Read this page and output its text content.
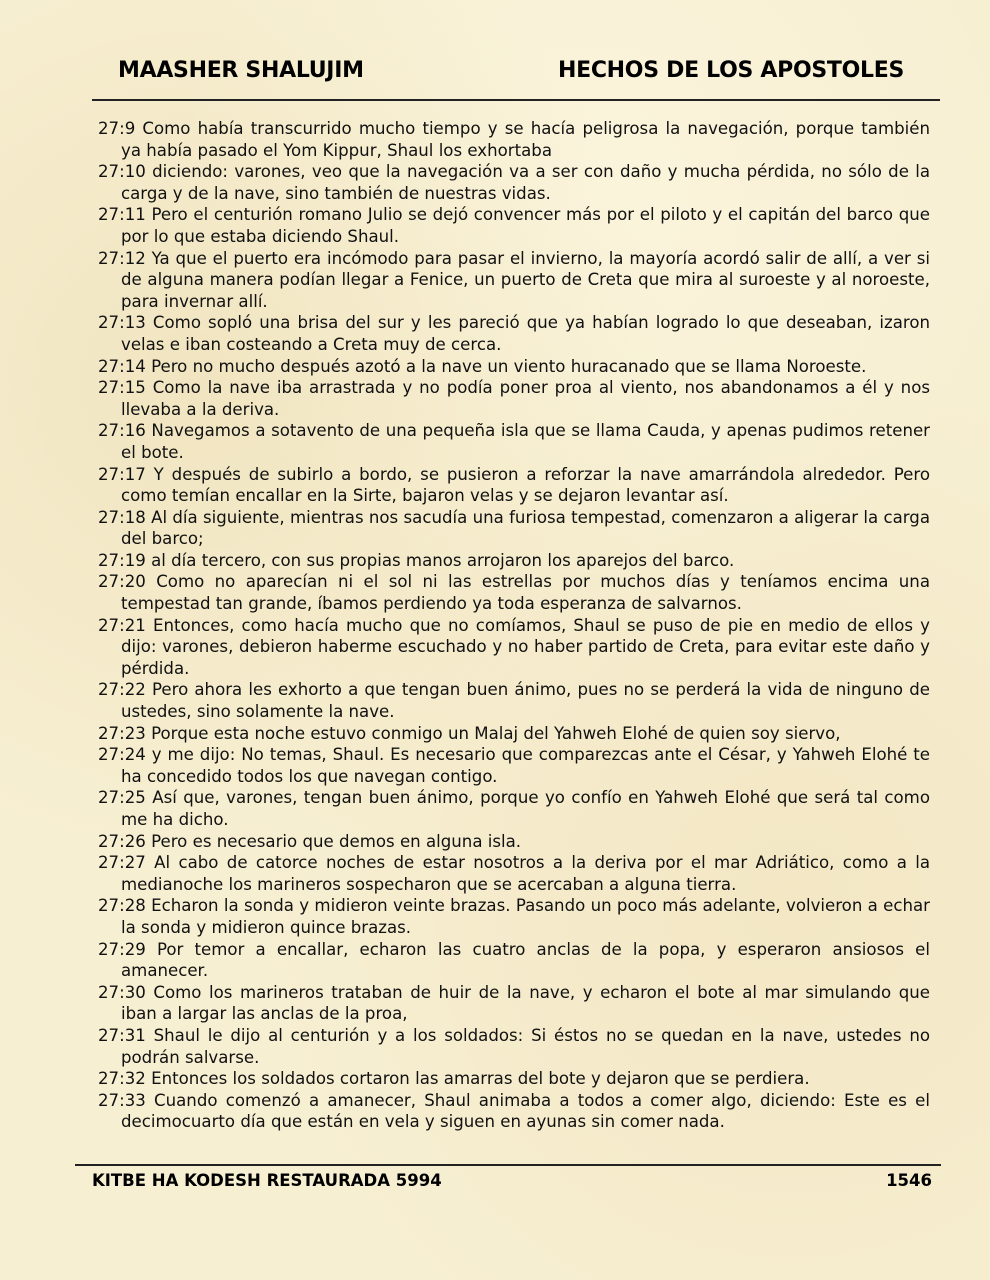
MAASHER SHALUJIM	HECHOS DE LOS APOSTOLES

27:9 Como había transcurrido mucho tiempo y se hacía peligrosa la navegación, porque también ya había pasado el Yom Kippur, Shaul los exhortaba

27:10 diciendo: varones, veo que la navegación va a ser con daño y mucha pérdida, no sólo de la carga y de la nave, sino también de nuestras vidas.

27:11 Pero el centurión romano Julio se dejó convencer más por el piloto y el capitán del barco que por lo que estaba diciendo Shaul.

27:12 Ya que el puerto era incómodo para pasar el invierno, la mayoría acordó salir de allí, a ver si de alguna manera podían llegar a Fenice, un puerto de Creta que mira al suroeste y al noroeste, para invernar allí.

27:13 Como sopló una brisa del sur y les pareció que ya habían logrado lo que deseaban, izaron velas e iban costeando a Creta muy de cerca.

27:14 Pero no mucho después azotó a la nave un viento huracanado que se llama Noroeste.

27:15 Como la nave iba arrastrada y no podía poner proa al viento, nos abandonamos a él y nos llevaba a la deriva.

27:16 Navegamos a sotavento de una pequeña isla que se llama Cauda, y apenas pudimos retener el bote.

27:17 Y después de subirlo a bordo, se pusieron a reforzar la nave amarrándola alrededor. Pero como temían encallar en la Sirte, bajaron velas y se dejaron levantar así.

27:18 Al día siguiente, mientras nos sacudía una furiosa tempestad, comenzaron a aligerar la carga del barco;

27:19 al día tercero, con sus propias manos arrojaron los aparejos del barco.

27:20 Como no aparecían ni el sol ni las estrellas por muchos días y teníamos encima una tempestad tan grande, íbamos perdiendo ya toda esperanza de salvarnos.

27:21 Entonces, como hacía mucho que no comíamos, Shaul se puso de pie en medio de ellos y dijo: varones, debieron haberme escuchado y no haber partido de Creta, para evitar este daño y pérdida.

27:22 Pero ahora les exhorto a que tengan buen ánimo, pues no se perderá la vida de ninguno de ustedes, sino solamente la nave.

27:23 Porque esta noche estuvo conmigo un Malaj del Yahweh Elohé de quien soy siervo,

27:24 y me dijo: No temas, Shaul. Es necesario que comparezcas ante el César, y Yahweh Elohé te ha concedido todos los que navegan contigo.

27:25 Así que, varones, tengan buen ánimo, porque yo confío en Yahweh Elohé que será tal como me ha dicho.

27:26 Pero es necesario que demos en alguna isla.

27:27 Al cabo de catorce noches de estar nosotros a la deriva por el mar Adriático, como a la medianoche los marineros sospecharon que se acercaban a alguna tierra.

27:28 Echaron la sonda y midieron veinte brazas. Pasando un poco más adelante, volvieron a echar la sonda y midieron quince brazas.

27:29 Por temor a encallar, echaron las cuatro anclas de la popa, y esperaron ansiosos el amanecer.

27:30 Como los marineros trataban de huir de la nave, y echaron el bote al mar simulando que iban a largar las anclas de la proa,

27:31 Shaul le dijo al centurión y a los soldados: Si éstos no se quedan en la nave, ustedes no podrán salvarse.

27:32 Entonces los soldados cortaron las amarras del bote y dejaron que se perdiera.

27:33 Cuando comenzó a amanecer, Shaul animaba a todos a comer algo, diciendo: Este es el decimocuarto día que están en vela y siguen en ayunas sin comer nada.

KITBE HA KODESH RESTAURADA 5994	1546
